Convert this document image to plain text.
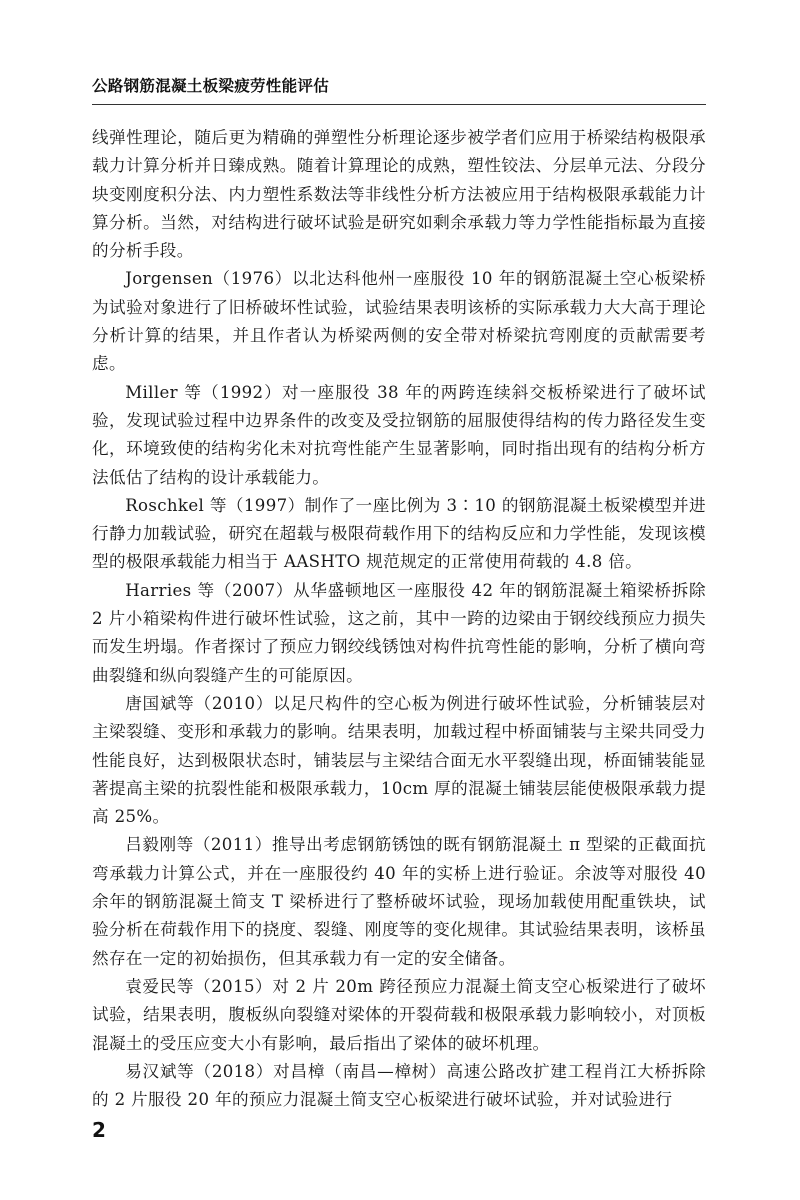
公路钢筋混凝土板梁疲劳性能评估

线弹性理论，随后更为精确的弹塑性分析理论逐步被学者们应用于桥梁结构极限承载力计算分析并日臻成熟。随着计算理论的成熟，塑性铰法、分层单元法、分段分块变刚度积分法、内力塑性系数法等非线性分析方法被应用于结构极限承载能力计算分析。当然，对结构进行破坏试验是研究如剩余承载力等力学性能指标最为直接的分析手段。

Jorgensen（1976）以北达科他州一座服役 10 年的钢筋混凝土空心板梁桥为试验对象进行了旧桥破坏性试验，试验结果表明该桥的实际承载力大大高于理论分析计算的结果，并且作者认为桥梁两侧的安全带对桥梁抗弯刚度的贡献需要考虑。

Miller 等（1992）对一座服役 38 年的两跨连续斜交板桥梁进行了破坏试验，发现试验过程中边界条件的改变及受拉钢筋的屈服使得结构的传力路径发生变化，环境致使的结构劣化未对抗弯性能产生显著影响，同时指出现有的结构分析方法低估了结构的设计承载能力。

Roschkel 等（1997）制作了一座比例为 3∶10 的钢筋混凝土板梁模型并进行静力加载试验，研究在超载与极限荷载作用下的结构反应和力学性能，发现该模型的极限承载能力相当于 AASHTO 规范规定的正常使用荷载的 4.8 倍。

Harries 等（2007）从华盛顿地区一座服役 42 年的钢筋混凝土箱梁桥拆除 2 片小箱梁构件进行破坏性试验，这之前，其中一跨的边梁由于钢绞线预应力损失而发生坍塌。作者探讨了预应力钢绞线锈蚀对构件抗弯性能的影响，分析了横向弯曲裂缝和纵向裂缝产生的可能原因。

唐国斌等（2010）以足尺构件的空心板为例进行破坏性试验，分析铺装层对主梁裂缝、变形和承载力的影响。结果表明，加载过程中桥面铺装与主梁共同受力性能良好，达到极限状态时，铺装层与主梁结合面无水平裂缝出现，桥面铺装能显著提高主梁的抗裂性能和极限承载力，10cm 厚的混凝土铺装层能使极限承载力提高 25%。

吕毅刚等（2011）推导出考虑钢筋锈蚀的既有钢筋混凝土 π 型梁的正截面抗弯承载力计算公式，并在一座服役约 40 年的实桥上进行验证。余波等对服役 40 余年的钢筋混凝土简支 T 梁桥进行了整桥破坏试验，现场加载使用配重铁块，试验分析在荷载作用下的挠度、裂缝、刚度等的变化规律。其试验结果表明，该桥虽然存在一定的初始损伤，但其承载力有一定的安全储备。

袁爱民等（2015）对 2 片 20m 跨径预应力混凝土简支空心板梁进行了破坏试验，结果表明，腹板纵向裂缝对梁体的开裂荷载和极限承载力影响较小，对顶板混凝土的受压应变大小有影响，最后指出了梁体的破坏机理。

易汉斌等（2018）对昌樟（南昌—樟树）高速公路改扩建工程肖江大桥拆除的 2 片服役 20 年的预应力混凝土简支空心板梁进行破坏试验，并对试验进行

2
